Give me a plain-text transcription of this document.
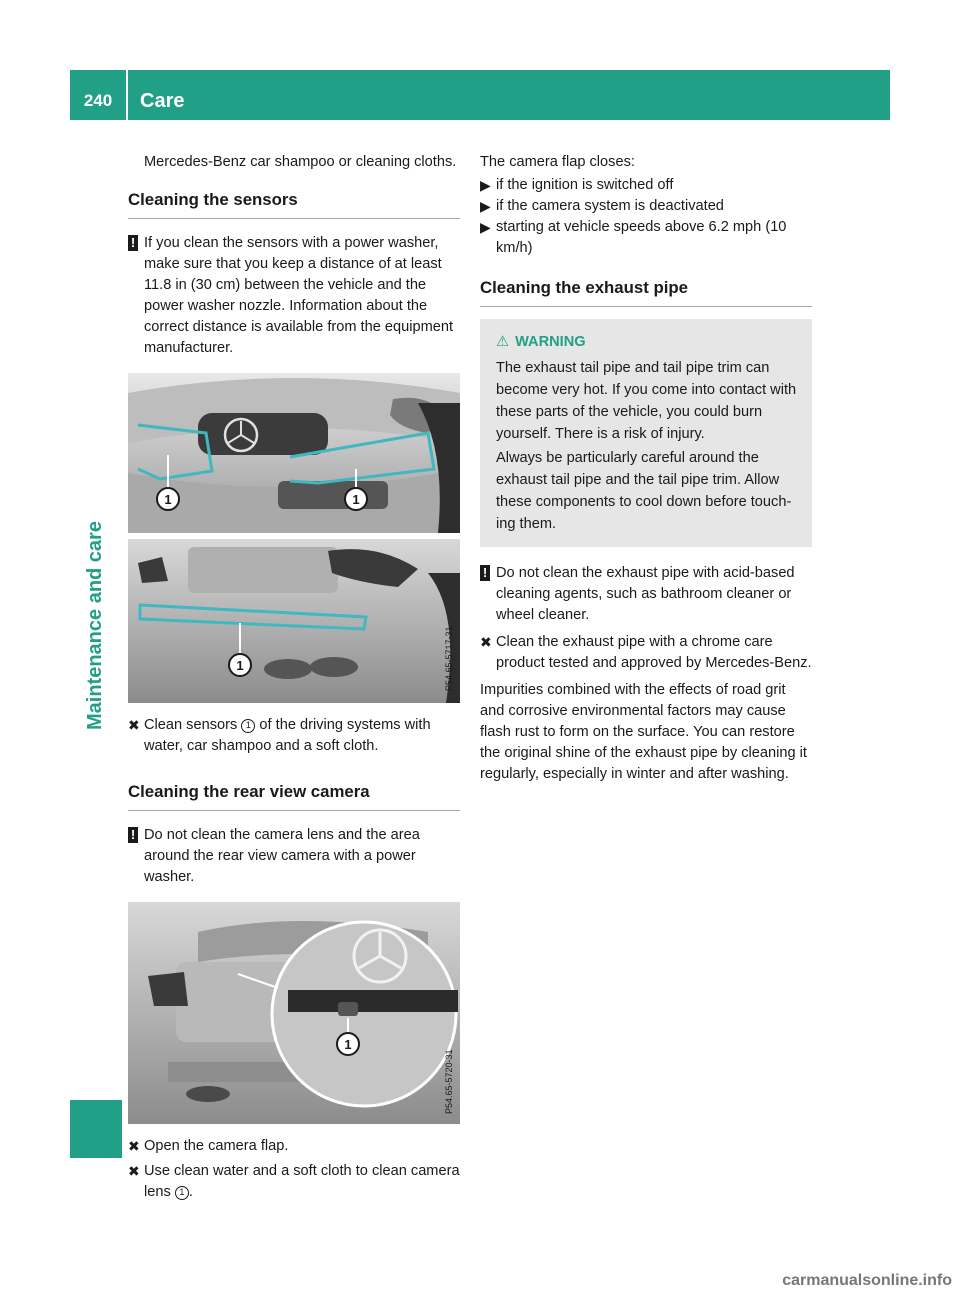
240	Care
Maintenance and care

Mercedes-Benz car shampoo or cleaning cloths.

Cleaning the sensors
! If you clean the sensors with a power washer, make sure that you keep a distance of at least 11.8 in (30 cm) between the vehicle and the power washer nozzle. Information about the correct distance is available from the equipment manufacturer.
1	1
1	P54.65-5717-31
✖ Clean sensors 1 of the driving systems with water, car shampoo and a soft cloth.
Cleaning the rear view camera
! Do not clean the camera lens and the area around the rear view camera with a power washer.
1
P54.65-5720-31
✖ Open the camera flap.
✖ Use clean water and a soft cloth to clean camera lens 1 .

The camera flap closes:

▶ if the ignition is switched off
▶ if the camera system is deactivated
▶ starting at vehicle speeds above 6.2 mph (10 km/h)
Cleaning the exhaust pipe
⚠ WARNING

The exhaust tail pipe and tail pipe trim can become very hot. If you come into contact with these parts of the vehicle, you could burn yourself. There is a risk of injury.

Always be particularly careful around the exhaust tail pipe and the tail pipe trim. Allow these components to cool down before touching them.

! Do not clean the exhaust pipe with acid-based cleaning agents, such as bathroom cleaner or wheel cleaner.
✖ Clean the exhaust pipe with a chrome care product tested and approved by Mercedes-Benz.

Impurities combined with the effects of road grit and corrosive environmental factors may cause flash rust to form on the surface. You can restore the original shine of the exhaust pipe by cleaning it regularly, especially in winter and after washing.

carmanualsonline.info
